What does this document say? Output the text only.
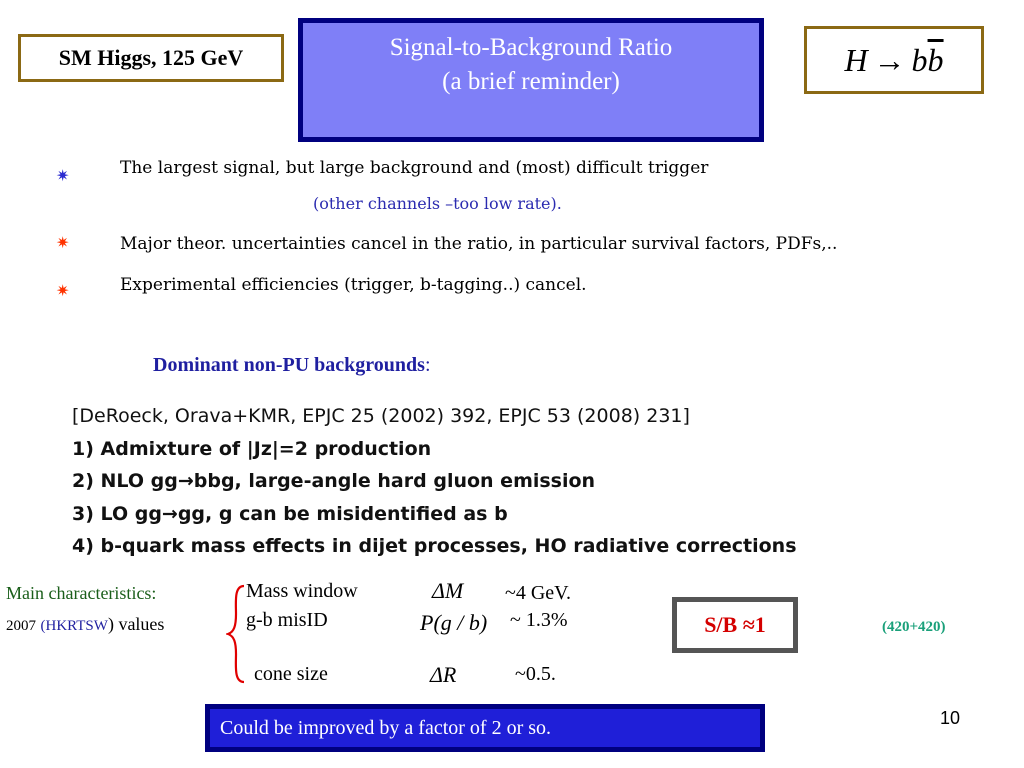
SM Higgs, 125 GeV	Signal-to-Background Ratio
(a brief reminder)
H → b $\overline{b}$
✷	The largest signal, but large background and (most) difficult trigger
(other channels –too low rate).
✷	Major theor. uncertainties cancel in the ratio, in particular survival factors, PDFs,..
✷	Experimental efficiencies (trigger, b-tagging..) cancel.
Dominant non-PU backgrounds:
[DeRoeck, Orava+KMR, EPJC 25 (2002) 392, EPJC 53 (2008) 231]
1) Admixture of |Jz|=2 production
2) NLO gg→bbg, large-angle hard gluon emission
3) LO gg→gg, g can be misidentified as b
4) b-quark mass effects in dijet processes, HO radiative corrections
Main characteristics:
2007 (HKRTSW) values
Mass window	ΔM ~4 GeV.
g-b misID	P(g / b) ~ 1.3%
cone size	ΔR	~0.5.
S/B ≈1	(420+420)
Could be improved by a factor of 2 or so.	10
